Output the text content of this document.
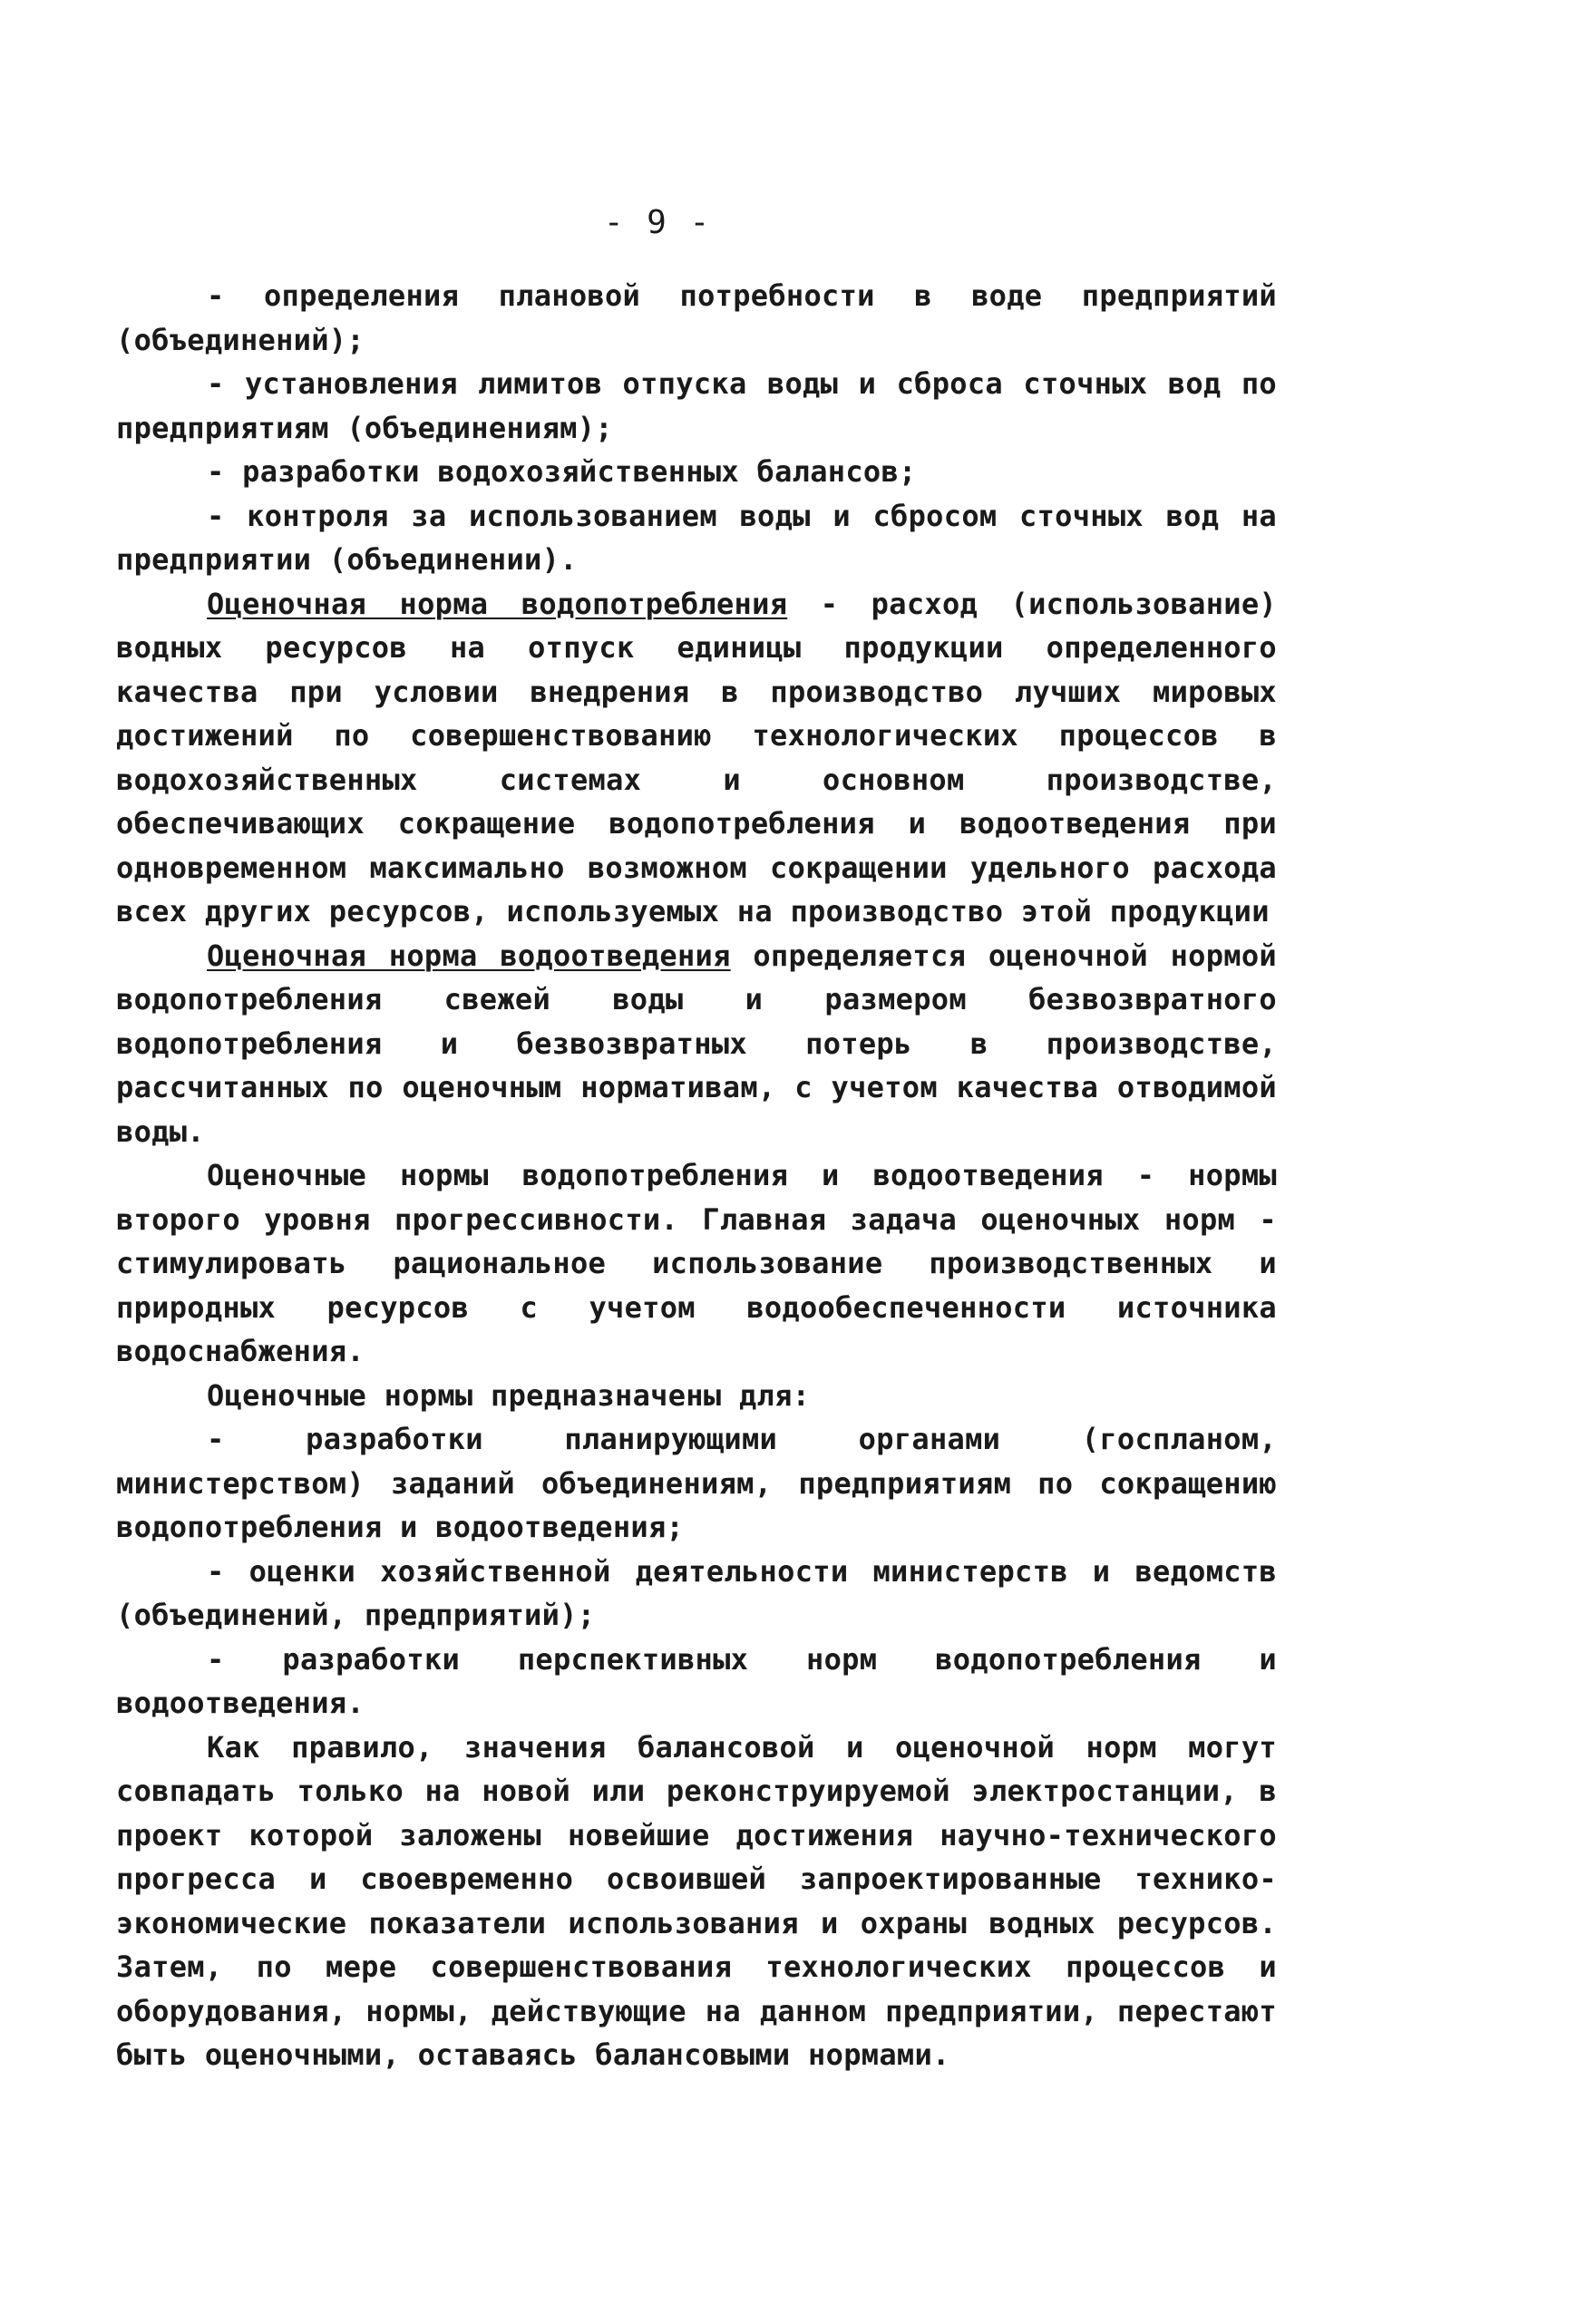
- 9 -

- определения плановой потребности в воде предприятий (объединений);

- установления лимитов отпуска воды и сброса сточных вод по предприятиям (объединениям);

- разработки водохозяйственных балансов;

- контроля за использованием воды и сбросом сточных вод на предприятии (объединении).

Оценочная норма водопотребления - расход (использование) водных ресурсов на отпуск единицы продукции определенного качества при условии внедрения в производство лучших мировых достижений по совершенствованию технологических процессов в водохозяйственных системах и основном производстве, обеспечивающих сокращение водопотребления и водоотведения при одновременном максимально возможном сокращении удельного расхода всех других ресурсов, используемых на производство этой продукции

Оценочная норма водоотведения определяется оценочной нормой водопотребления свежей воды и размером безвозвратного водопотребления и безвозвратных потерь в производстве, рассчитанных по оценочным нормативам, с учетом качества отводимой воды.

Оценочные нормы водопотребления и водоотведения - нормы второго уровня прогрессивности. Главная задача оценочных норм - стимулировать рациональное использование производственных и природных ресурсов с учетом водообеспеченности источника водоснабжения.

Оценочные нормы предназначены для:

- разработки планирующими органами (госпланом, министерством) заданий объединениям, предприятиям по сокращению водопотребления и водоотведения;

- оценки хозяйственной деятельности министерств и ведомств (объединений, предприятий);

- разработки перспективных норм водопотребления и водоотведения.

Как правило, значения балансовой и оценочной норм могут совпадать только на новой или реконструируемой электростанции, в проект которой заложены новейшие достижения научно-технического прогресса и своевременно освоившей запроектированные технико-экономические показатели использования и охраны водных ресурсов. Затем, по мере совершенствования технологических процессов и оборудования, нормы, действующие на данном предприятии, перестают быть оценочными, оставаясь балансовыми нормами.
